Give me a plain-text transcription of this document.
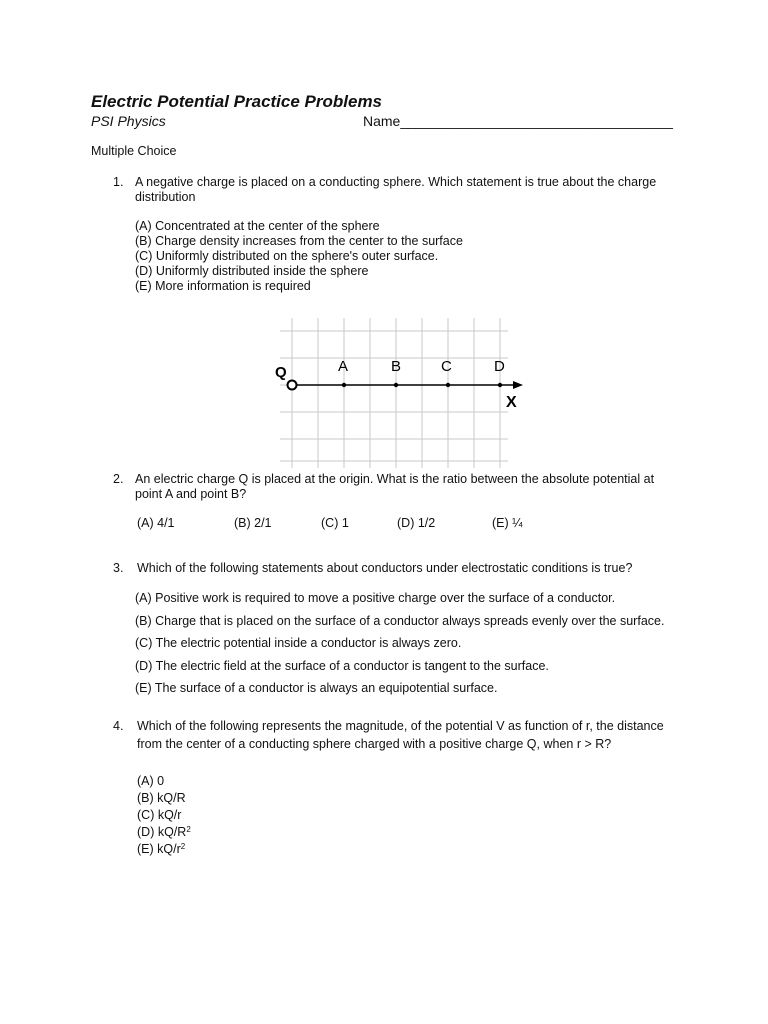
Electric Potential Practice Problems
PSI Physics	Name___________________________________
Multiple Choice
1. A negative charge is placed on a conducting sphere. Which statement is true about the charge
distribution
(A) Concentrated at the center of the sphere
(B) Charge density increases from the center to the surface
(C) Uniformly distributed on the sphere's outer surface.
(D) Uniformly distributed inside the sphere
(E) More information is required
Q	A	B	C	D
X
2. An electric charge Q is placed at the origin. What is the ratio between the absolute potential at
point A and point B?
(A) 4/1	(B) 2/1	(C) 1	(D) 1/2	(E) ¼
3. Which of the following statements about conductors under electrostatic conditions is true?
(A) Positive work is required to move a positive charge over the surface of a conductor.
(B) Charge that is placed on the surface of a conductor always spreads evenly over the surface.
(C) The electric potential inside a conductor is always zero.
(D) The electric field at the surface of a conductor is tangent to the surface.
(E) The surface of a conductor is always an equipotential surface.
4. Which of the following represents the magnitude, of the potential V as function of r, the distance
from the center of a conducting sphere charged with a positive charge Q, when r > R?
(A) 0
(B) kQ/R
(C) kQ/r
(D) $kQ/R^2$
(E) $kQ/r^2$
